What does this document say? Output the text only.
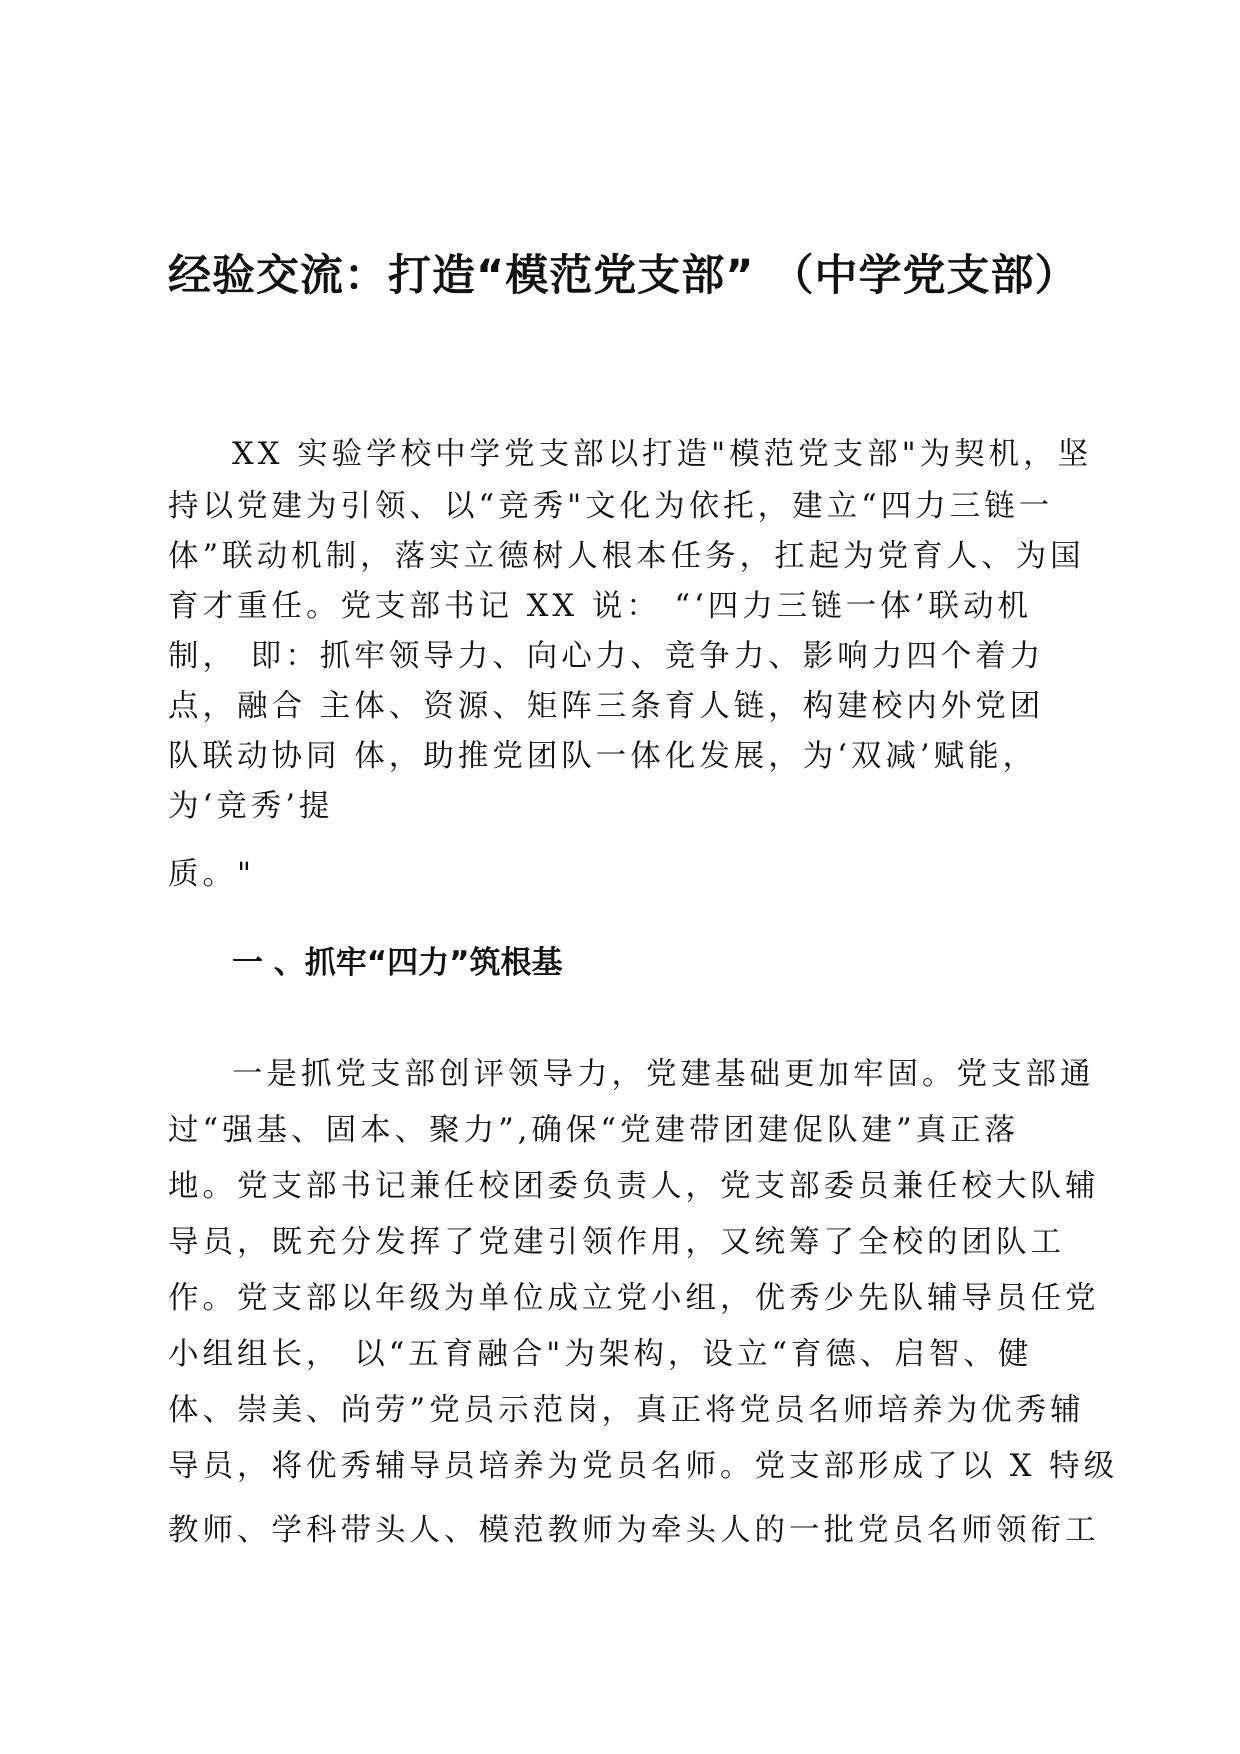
经验交流：打造“模范党支部” （中学党支部）

XX 实验学校中学党支部以打造"模范党支部"为契机，坚

持以党建为引领、以“竞秀"文化为依托，建立“四力三链一

体”联动机制，落实立德树人根本任务，扛起为党育人、为国

育才重任。党支部书记 XX 说： “‘四力三链一体’联动机

制， 即：抓牢领导力、向心力、竞争力、影响力四个着力

点，融合 主体、资源、矩阵三条育人链，构建校内外党团

队联动协同 体，助推党团队一体化发展，为‘双减’赋能，

为‘竞秀’提

质。"

一 、抓牢“四力”筑根基

一是抓党支部创评领导力，党建基础更加牢固。党支部通

过“强基、固本、聚力”,确保“党建带团建促队建”真正落

地。党支部书记兼任校团委负责人，党支部委员兼任校大队辅

导员，既充分发挥了党建引领作用，又统筹了全校的团队工

作。党支部以年级为单位成立党小组，优秀少先队辅导员任党

小组组长， 以“五育融合"为架构，设立“育德、启智、健

体、崇美、尚劳”党员示范岗，真正将党员名师培养为优秀辅

导员，将优秀辅导员培养为党员名师。党支部形成了以 X 特级

教师、学科带头人、模范教师为牵头人的一批党员名师领衔工
